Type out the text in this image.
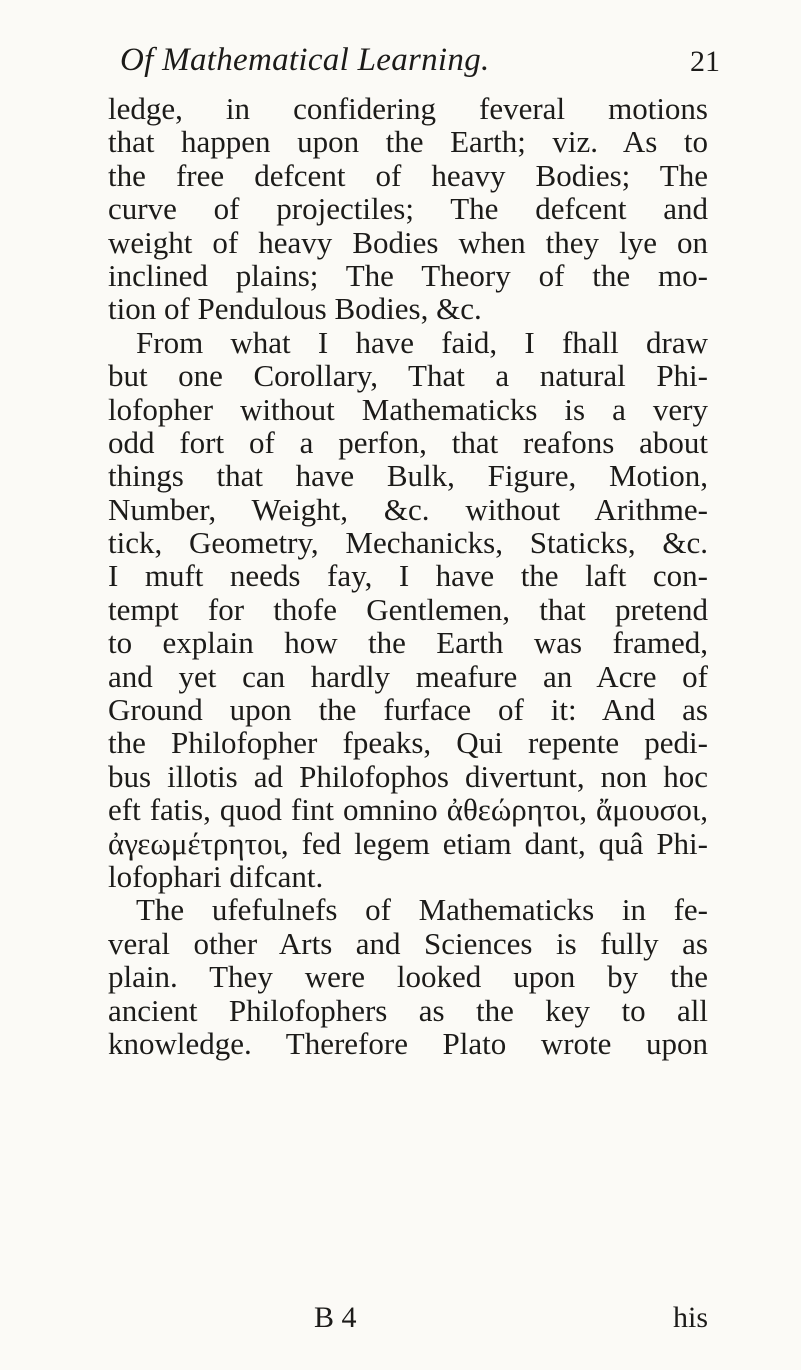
Of Mathematical Learning.	21
ledge, in confidering feveral motions
that happen upon the Earth; viz. As to
the free defcent of heavy Bodies; The
curve of projectiles; The defcent and
weight of heavy Bodies when they lye on
inclined plains; The Theory of the mo-
tion of Pendulous Bodies, &c.
From what I have faid, I fhall draw
but one Corollary, That a natural Phi-
lofopher without Mathematicks is a very
odd fort of a perfon, that reafons about
things that have Bulk, Figure, Motion,
Number, Weight, &c. without Arithme-
tick, Geometry, Mechanicks, Staticks, &c.
I muft needs fay, I have the laft con-
tempt for thofe Gentlemen, that pretend
to explain how the Earth was framed,
and yet can hardly meafure an Acre of
Ground upon the furface of it: And as
the Philofopher fpeaks, Qui repente pedi-
bus illotis ad Philofophos divertunt, non hoc
eft fatis, quod fint omnino ἀθεώρητοι, ἄμουσοι,
ἀγεωμέτρητοι, fed legem etiam dant, quâ Phi-
lofophari difcant.
The ufefulnefs of Mathematicks in fe-
veral other Arts and Sciences is fully as
plain. They were looked upon by the
ancient Philofophers as the key to all
knowledge. Therefore Plato wrote upon
B 4	his
